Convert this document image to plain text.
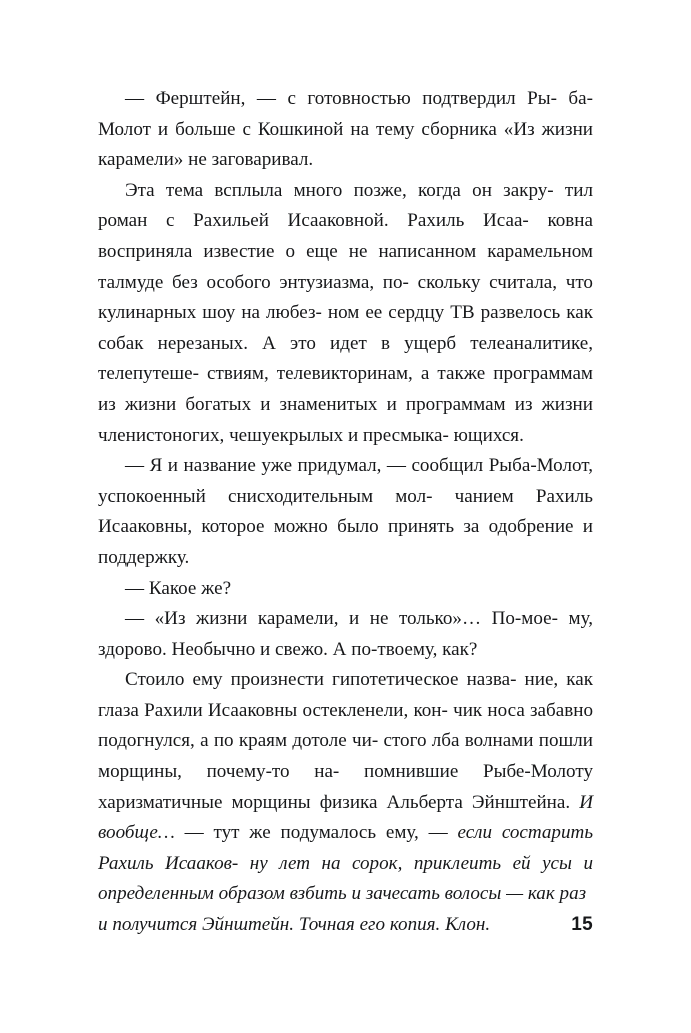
— Ферштейн, — с готовностью подтвердил Ры- ба-Молот и больше с Кошкиной на тему сборника «Из жизни карамели» не заговаривал.

Эта тема всплыла много позже, когда он закру- тил роман с Рахильей Исааковной. Рахиль Исаа- ковна восприняла известие о еще не написанном карамельном талмуде без особого энтузиазма, по- скольку считала, что кулинарных шоу на любез- ном ее сердцу ТВ развелось как собак нерезаных. А это идет в ущерб телеаналитике, телепутеше- ствиям, телевикторинам, а также программам из жизни богатых и знаменитых и программам из жизни членистоногих, чешуекрылых и пресмыка- ющихся.

— Я и название уже придумал, — сообщил Рыба-Молот, успокоенный снисходительным мол- чанием Рахиль Исааковны, которое можно было принять за одобрение и поддержку.

— Какое же?

— «Из жизни карамели, и не только»… По-мое- му, здорово. Необычно и свежо. А по-твоему, как?

Стоило ему произнести гипотетическое назва- ние, как глаза Рахили Исааковны остекленели, кон- чик носа забавно подогнулся, а по краям дотоле чи- стого лба волнами пошли морщины, почему-то на- помнившие Рыбе-Молоту харизматичные морщины физика Альберта Эйнштейна. И вообще… — тут же подумалось ему, — если состарить Рахиль Исааков- ну лет на сорок, приклеить ей усы и определенным образом взбить и зачесать волосы — как раз

и получится Эйнштейн. Точная его копия. Клон.	15
